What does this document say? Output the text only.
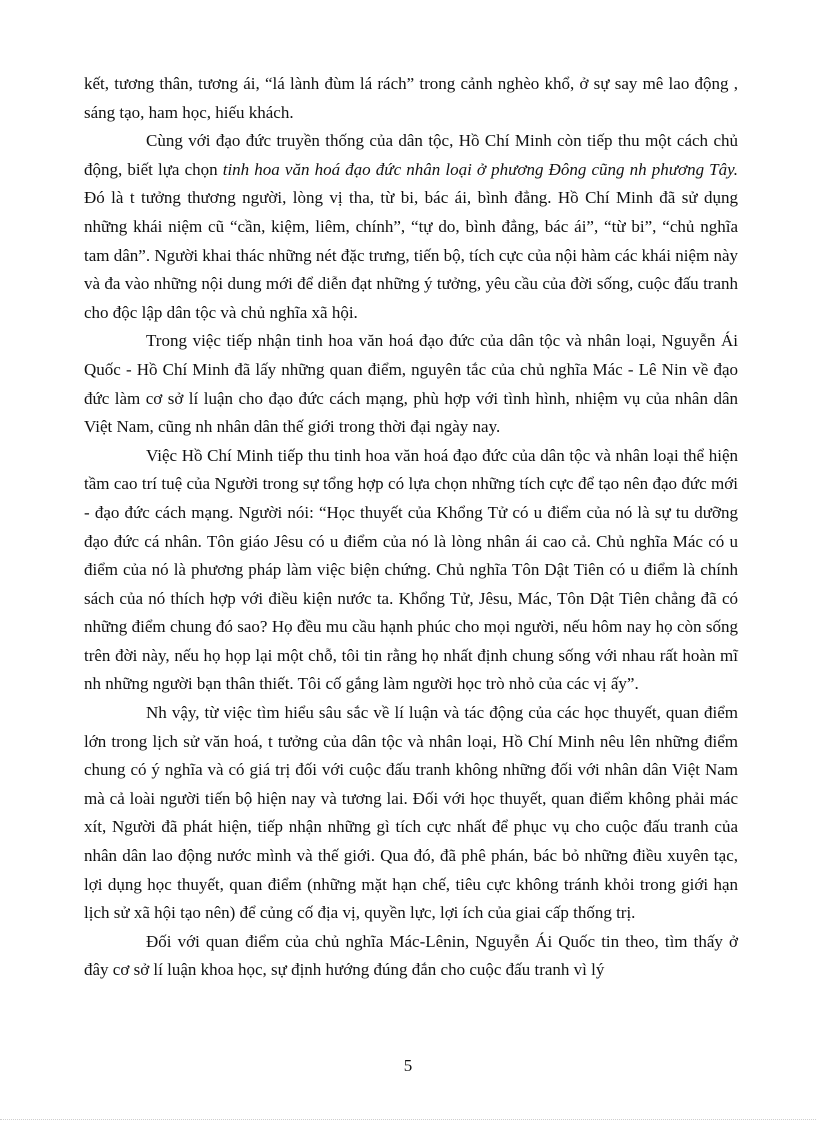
kết, tương thân, tương ái, “lá lành đùm lá rách” trong cảnh nghèo khổ, ở sự say mê lao động , sáng tạo, ham học, hiếu khách.

Cùng với đạo đức truyền thống của dân tộc, Hồ Chí Minh còn tiếp thu một cách chủ động, biết lựa chọn tinh hoa văn hoá đạo đức nhân loại ở phương Đông cũng nh phương Tây. Đó là t tưởng thương người, lòng vị tha, từ bi, bác ái, bình đẳng. Hồ Chí Minh đã sử dụng những khái niệm cũ “cần, kiệm, liêm, chính”, “tự do, bình đẳng, bác ái”, “từ bi”, “chủ nghĩa tam dân”. Người khai thác những nét đặc trưng, tiến bộ, tích cực của nội hàm các khái niệm này và đa vào những nội dung mới để diễn đạt những ý tưởng, yêu cầu của đời sống, cuộc đấu tranh cho độc lập dân tộc và chủ nghĩa xã hội.

Trong việc tiếp nhận tinh hoa văn hoá đạo đức của dân tộc và nhân loại, Nguyễn Ái Quốc - Hồ Chí Minh đã lấy những quan điểm, nguyên tắc của chủ nghĩa Mác - Lê Nin về đạo đức làm cơ sở lí luận cho đạo đức cách mạng, phù hợp với tình hình, nhiệm vụ của nhân dân Việt Nam, cũng nh nhân dân thế giới trong thời đại ngày nay.

Việc Hồ Chí Minh tiếp thu tinh hoa văn hoá đạo đức của dân tộc và nhân loại thể hiện tầm cao trí tuệ của Người trong sự tổng hợp có lựa chọn những tích cực để tạo nên đạo đức mới - đạo đức cách mạng. Người nói: “Học thuyết của Khổng Tử có u điểm của nó là sự tu dưỡng đạo đức cá nhân. Tôn giáo Jêsu có u điểm của nó là lòng nhân ái cao cả. Chủ nghĩa Mác có u điểm của nó là phương pháp làm việc biện chứng. Chủ nghĩa Tôn Dật Tiên có u điểm là chính sách của nó thích hợp với điều kiện nước ta. Khổng Tử, Jêsu, Mác, Tôn Dật Tiên chẳng đã có những điểm chung đó sao? Họ đều mu cầu hạnh phúc cho mọi người, nếu hôm nay họ còn sống trên đời này, nếu họ họp lại một chỗ, tôi tin rằng họ nhất định chung sống với nhau rất hoàn mĩ nh những người bạn thân thiết. Tôi cố gắng làm người học trò nhỏ của các vị ấy”.

Nh vậy, từ việc tìm hiểu sâu sắc về lí luận và tác động của các học thuyết, quan điểm lớn trong lịch sử văn hoá, t tưởng của dân tộc và nhân loại, Hồ Chí Minh nêu lên những điểm chung có ý nghĩa và có giá trị đối với cuộc đấu tranh không những đối với nhân dân Việt Nam mà cả loài người tiến bộ hiện nay và tương lai. Đối với học thuyết, quan điểm không phải mác xít, Người đã phát hiện, tiếp nhận những gì tích cực nhất để phục vụ cho cuộc đấu tranh của nhân dân lao động nước mình và thế giới. Qua đó, đã phê phán, bác bỏ những điều xuyên tạc, lợi dụng học thuyết, quan điểm (những mặt hạn chế, tiêu cực không tránh khỏi trong giới hạn lịch sử xã hội tạo nên) để củng cố địa vị, quyền lực, lợi ích của giai cấp thống trị.

Đối với quan điểm của chủ nghĩa Mác-Lênin, Nguyễn Ái Quốc tin theo, tìm thấy ở đây cơ sở lí luận khoa học, sự định hướng đúng đắn cho cuộc đấu tranh vì lý

5
